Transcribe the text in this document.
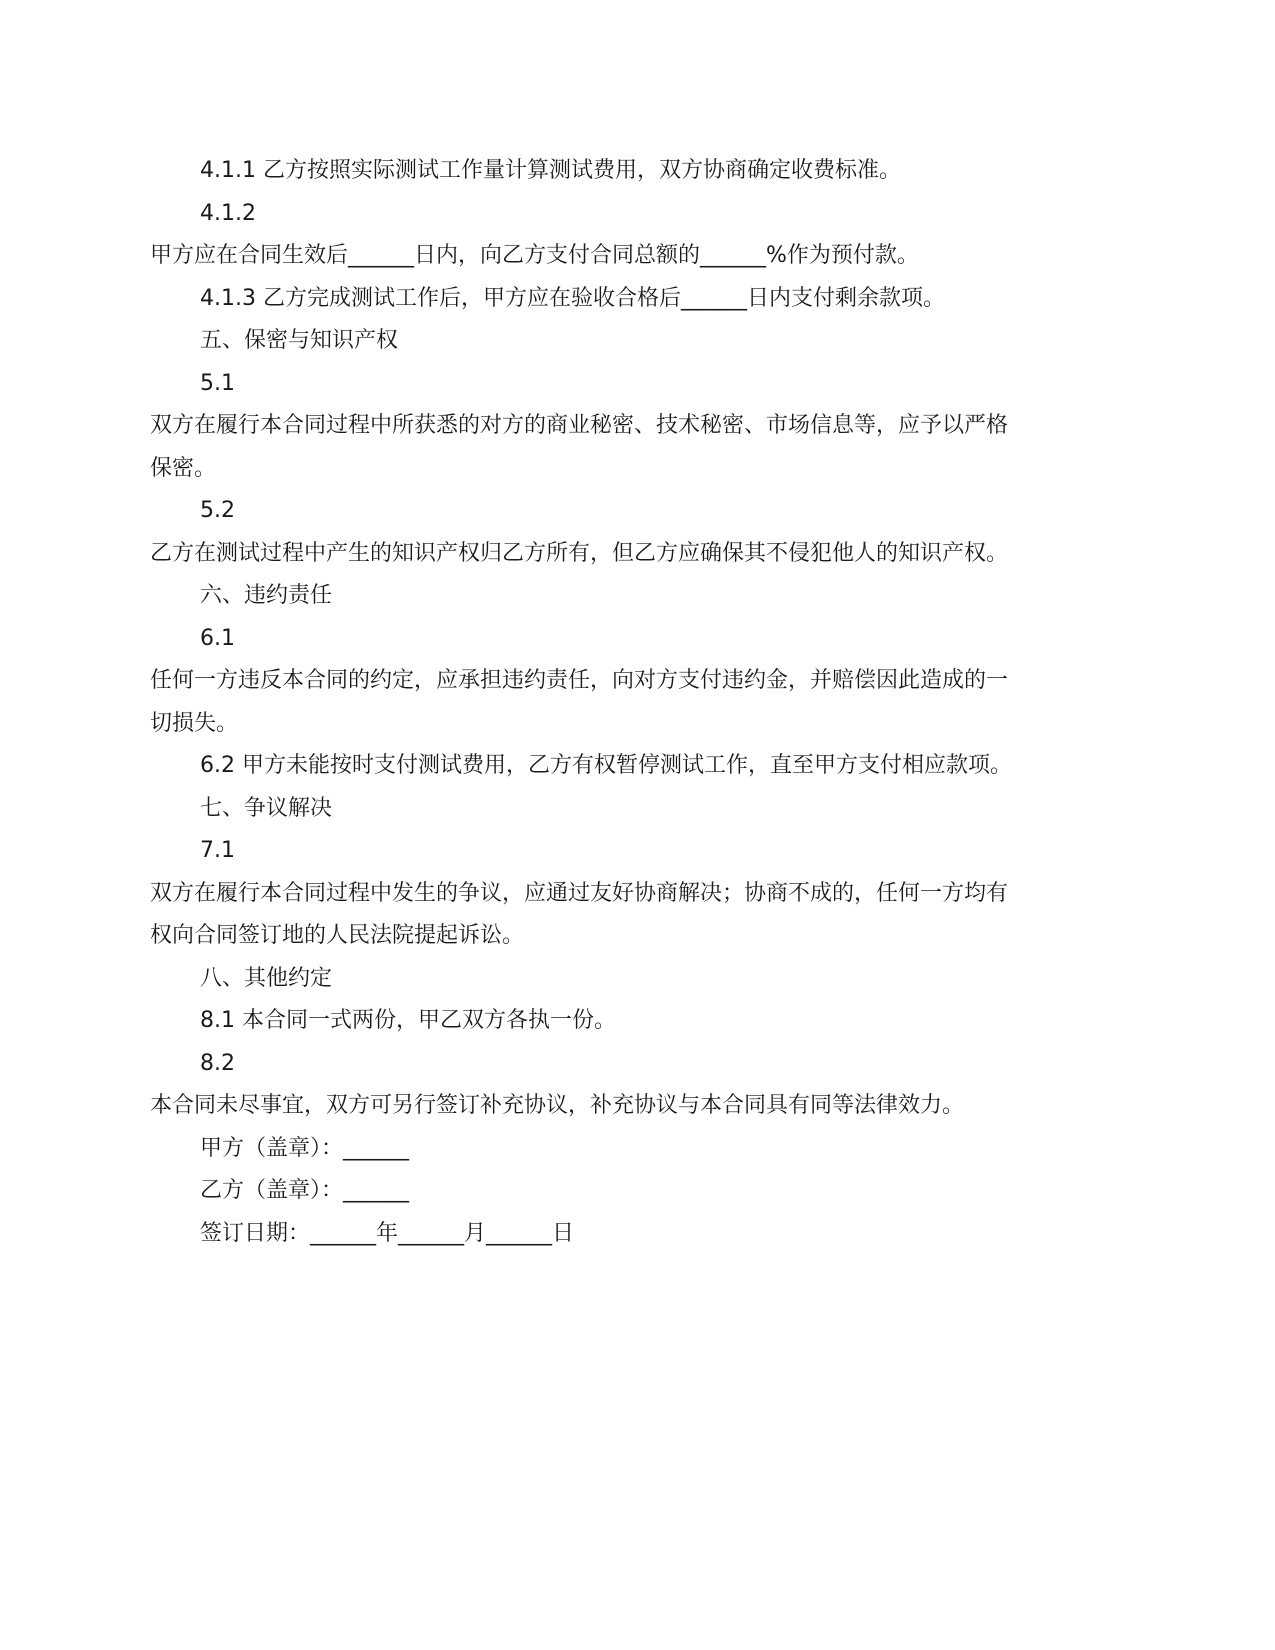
4.1.1 乙方按照实际测试工作量计算测试费用，双方协商确定收费标准。
4.1.2
甲方应在合同生效后______日内，向乙方支付合同总额的______%作为预付款。
4.1.3 乙方完成测试工作后，甲方应在验收合格后______日内支付剩余款项。
五、保密与知识产权
5.1
双方在履行本合同过程中所获悉的对方的商业秘密、技术秘密、市场信息等，应予以严格
保密。
5.2
乙方在测试过程中产生的知识产权归乙方所有，但乙方应确保其不侵犯他人的知识产权。
六、违约责任
6.1
任何一方违反本合同的约定，应承担违约责任，向对方支付违约金，并赔偿因此造成的一
切损失。
6.2 甲方未能按时支付测试费用，乙方有权暂停测试工作，直至甲方支付相应款项。
七、争议解决
7.1
双方在履行本合同过程中发生的争议，应通过友好协商解决；协商不成的，任何一方均有
权向合同签订地的人民法院提起诉讼。
八、其他约定
8.1 本合同一式两份，甲乙双方各执一份。
8.2
本合同未尽事宜，双方可另行签订补充协议，补充协议与本合同具有同等法律效力。
甲方（盖章）：______
乙方（盖章）：______
签订日期：______年______月______日
